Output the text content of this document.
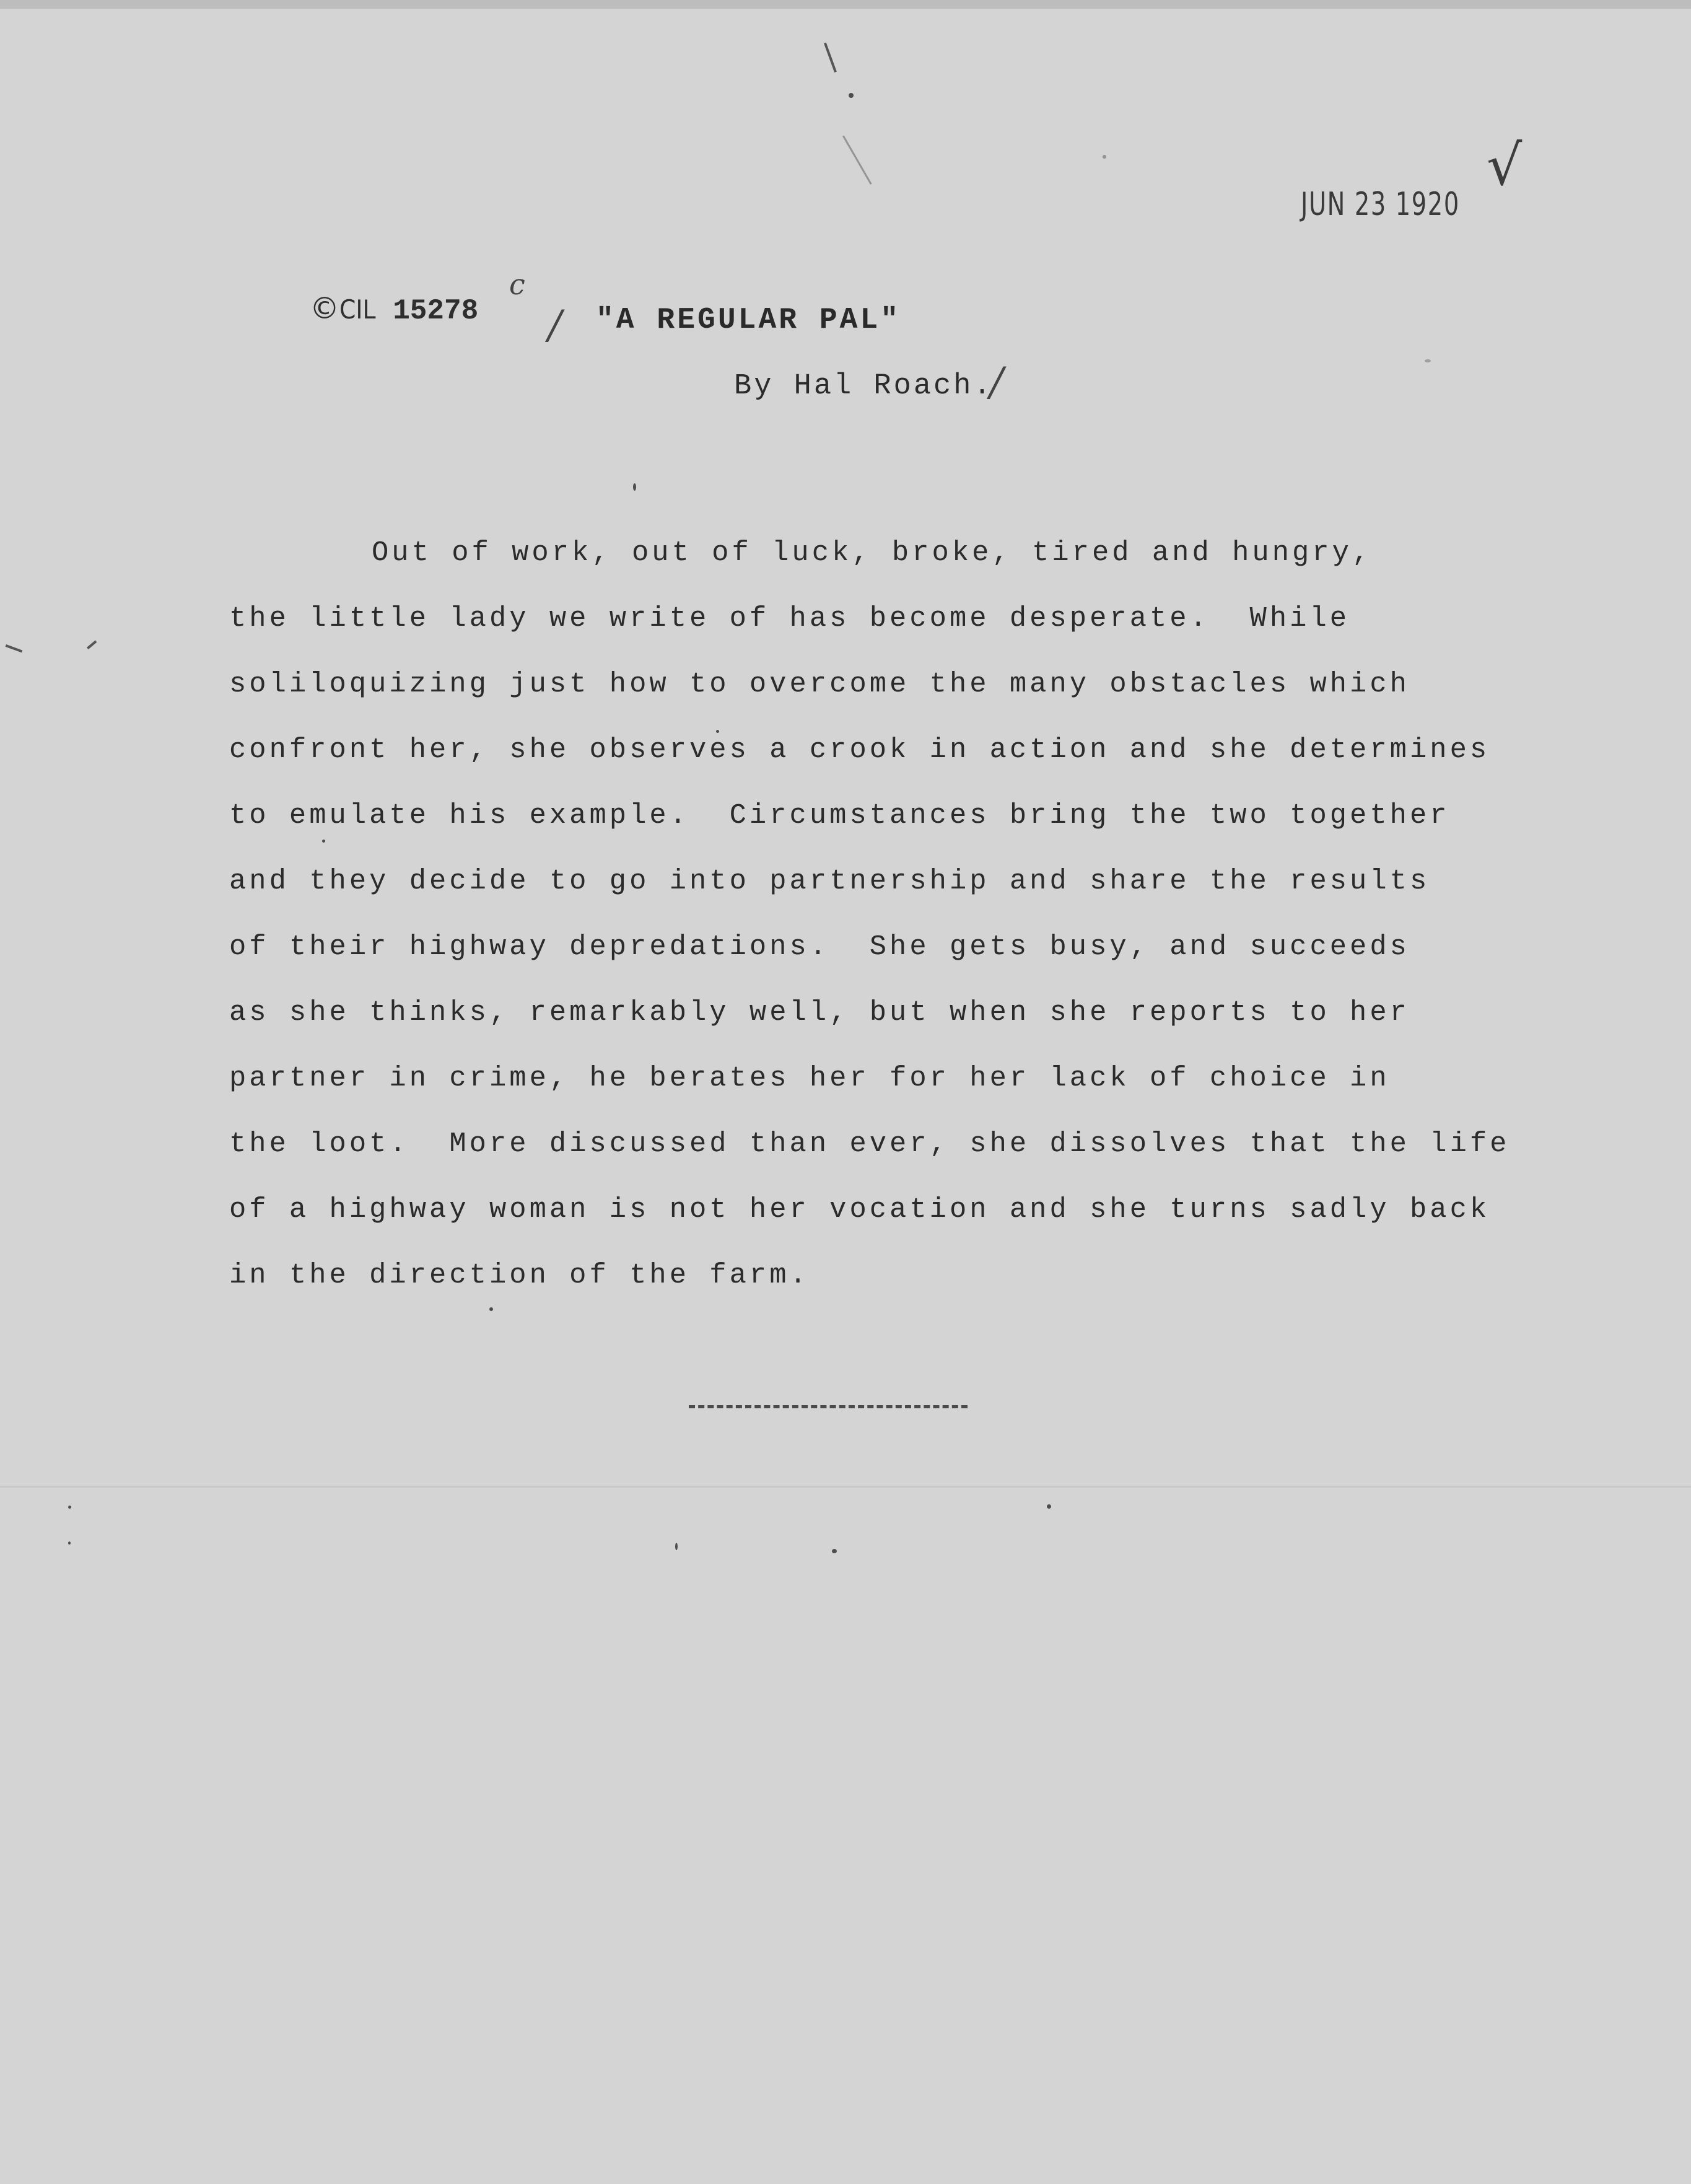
JUN 23 1920
√
©CIL 15278
c
/ "A REGULAR PAL"
By Hal Roach.
/
Out of work, out of luck, broke, tired and hungry,
the little lady we write of has become desperate.  While
soliloquizing just how to overcome the many obstacles which
confront her, she observes a crook in action and she determines
to emulate his example.  Circumstances bring the two together
and they decide to go into partnership and share the results
of their highway depredations.  She gets busy, and succeeds
as she thinks, remarkably well, but when she reports to her
partner in crime, he berates her for her lack of choice in
the loot.  More discussed than ever, she dissolves that the life
of a highway woman is not her vocation and she turns sadly back
in the direction of the farm.
